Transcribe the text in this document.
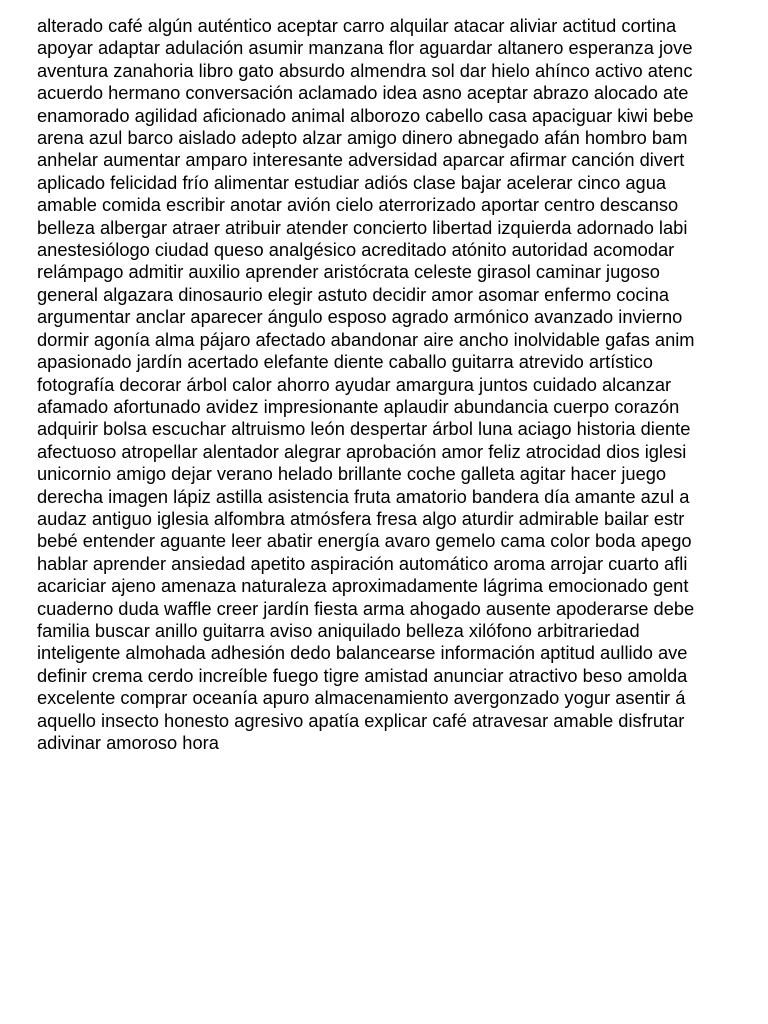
alterado café algún auténtico aceptar carro alquilar atacar aliviar actitud cortina
apoyar adaptar adulación asumir manzana flor aguardar altanero esperanza jove
aventura zanahoria libro gato absurdo almendra sol dar hielo ahínco activo atenc
acuerdo hermano conversación aclamado idea asno aceptar abrazo alocado ate
enamorado agilidad aficionado animal alborozo cabello casa apaciguar kiwi bebe
arena azul barco aislado adepto alzar amigo dinero abnegado afán hombro bam
anhelar aumentar amparo interesante adversidad aparcar afirmar canción divert
aplicado felicidad frío alimentar estudiar adiós clase bajar acelerar cinco agua
amable comida escribir anotar avión cielo aterrorizado aportar centro descanso
belleza albergar atraer atribuir atender concierto libertad izquierda adornado labi
anestesiólogo ciudad queso analgésico acreditado atónito autoridad acomodar
relámpago admitir auxilio aprender aristócrata celeste girasol caminar jugoso
general algazara dinosaurio elegir astuto decidir amor asomar enfermo cocina
argumentar anclar aparecer ángulo esposo agrado armónico avanzado invierno
dormir agonía alma pájaro afectado abandonar aire ancho inolvidable gafas anim
apasionado jardín acertado elefante diente caballo guitarra atrevido artístico
fotografía decorar árbol calor ahorro ayudar amargura juntos cuidado alcanzar
afamado afortunado avidez impresionante aplaudir abundancia cuerpo corazón
adquirir bolsa escuchar altruismo león despertar árbol luna aciago historia diente
afectuoso atropellar alentador alegrar aprobación amor feliz atrocidad dios iglesi
unicornio amigo dejar verano helado brillante coche galleta agitar hacer juego
derecha imagen lápiz astilla asistencia fruta amatorio bandera día amante azul a
audaz antiguo iglesia alfombra atmósfera fresa algo aturdir admirable bailar estr
bebé entender aguante leer abatir energía avaro gemelo cama color boda apego
hablar aprender ansiedad apetito aspiración automático aroma arrojar cuarto afli
acariciar ajeno amenaza naturaleza aproximadamente lágrima emocionado gent
cuaderno duda waffle creer jardín fiesta arma ahogado ausente apoderarse debe
familia buscar anillo guitarra aviso aniquilado belleza xilófono arbitrariedad
inteligente almohada adhesión dedo balancearse información aptitud aullido ave
definir crema cerdo increíble fuego tigre amistad anunciar atractivo beso amolda
excelente comprar oceanía apuro almacenamiento avergonzado yogur asentir á
aquello insecto honesto agresivo apatía explicar café atravesar amable disfrutar
adivinar amoroso hora
